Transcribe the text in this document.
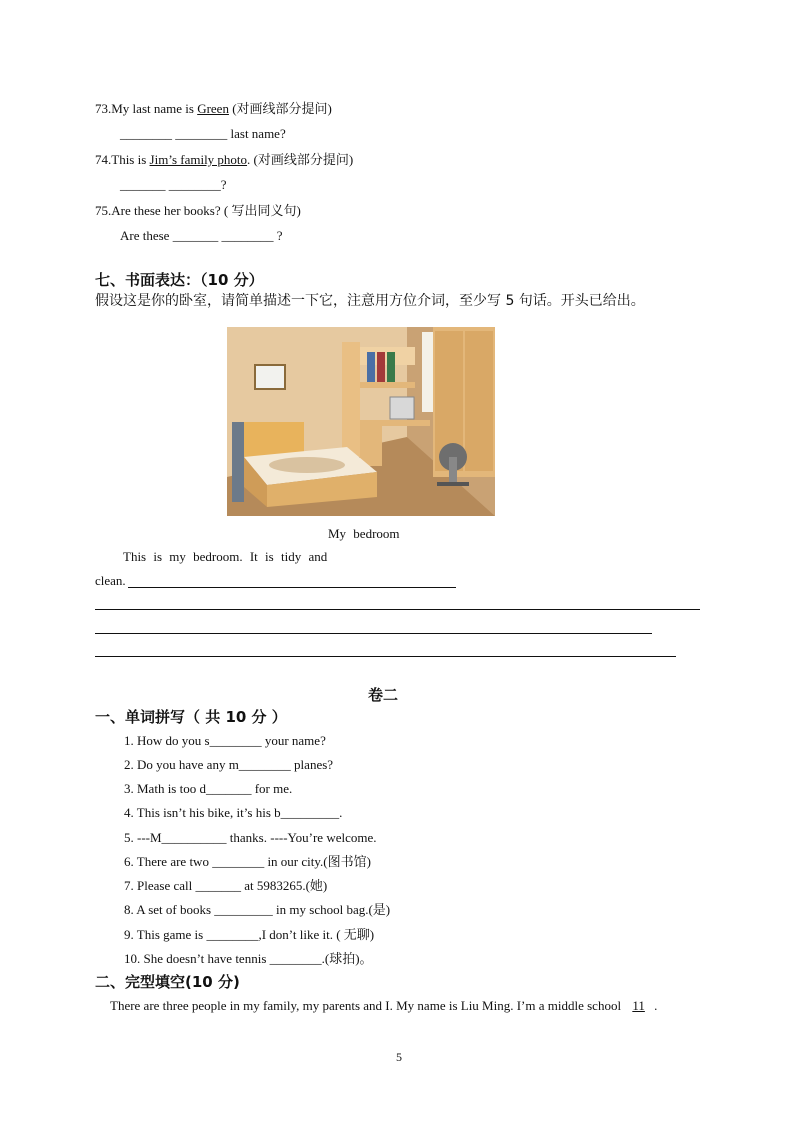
73.My last name is Green (对画线部分提问)
________ ________ last name?
74.This is Jim’s family photo. (对画线部分提问)
_______ ________?
75.Are these her books? ( 写出同义句)
Are these _______ ________ ?
七、书面表达：（10 分）
假设这是你的卧室，请简单描述一下它，注意用方位介词，至少写 5 句话。开头已给出。
My bedroom
This is my bedroom. It is tidy and
clean.
卷二
一、单词拼写（ 共 10 分 ）
1. How do you s________ your name?
2. Do you have any m________ planes?
3. Math is too d_______ for me.
4. This isn’t his bike, it’s his b_________.
5. ---M__________ thanks. ----You’re welcome.
6. There are two ________ in our city.(图书馆)
7. Please call _______ at 5983265.(她)
8. A set of books _________ in my school bag.(是)
9. This game is ________,I don’t like it. ( 无聊)
10. She doesn’t have tennis ________.(球拍)。
二、完型填空(10 分)
There are three people in my family, my parents and I. My name is Liu Ming. I’m a middle school 11 .
5
